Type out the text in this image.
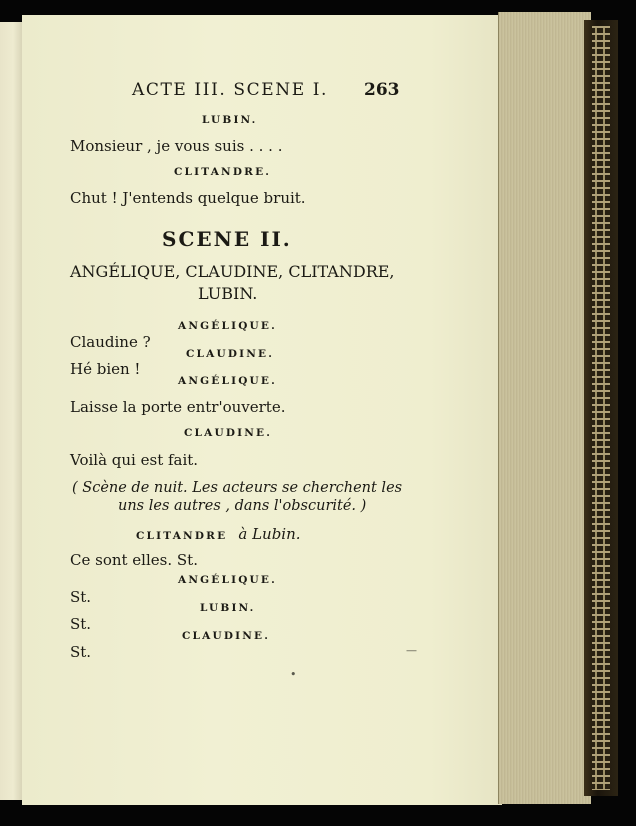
ACTE III. SCENE I. 263
LUBIN.
Monsieur , je vous suis . . . .
CLITANDRE.
Chut ! J'entends quelque bruit.
SCENE II.
ANGÉLIQUE, CLAUDINE, CLITANDRE,
LUBIN.
ANGÉLIQUE.
Claudine ?
CLAUDINE.
Hé bien !
ANGÉLIQUE.
Laisse la porte entr'ouverte.
CLAUDINE.
Voilà qui est fait.
( Scène de nuit. Les acteurs se cherchent les
uns les autres , dans l'obscurité. )
CLITANDRE à Lubin.
Ce sont elles. St.
ANGÉLIQUE.
St.
LUBIN.
St.
CLAUDINE.
St.	—
•
